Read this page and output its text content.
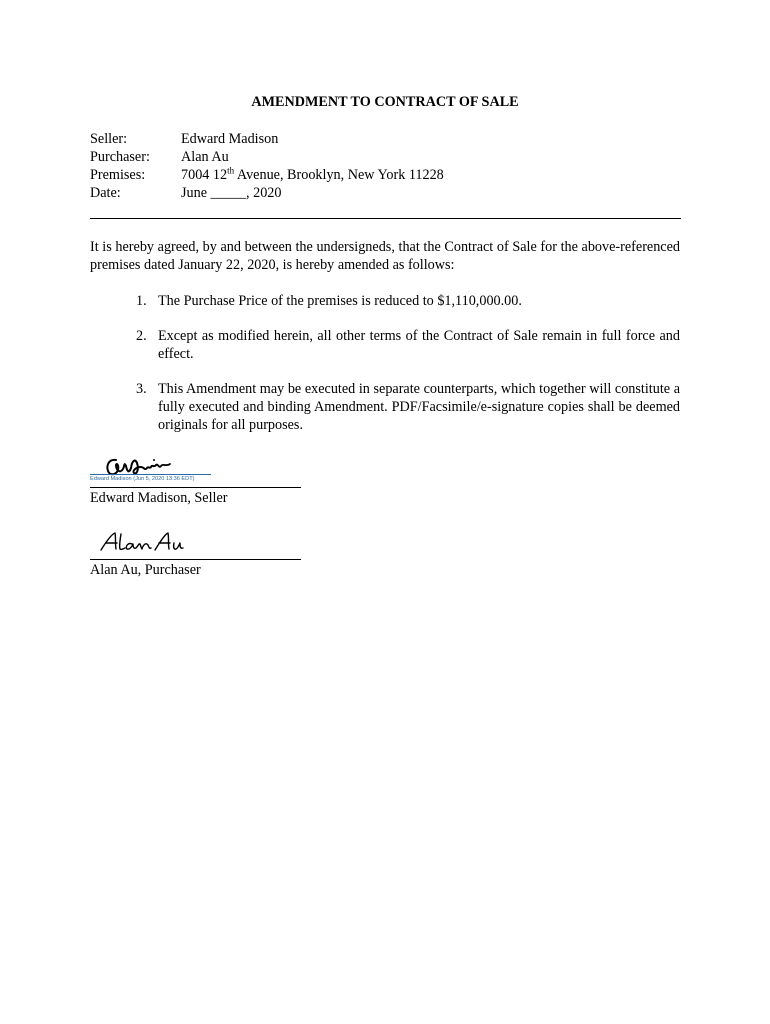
AMENDMENT TO CONTRACT OF SALE
Seller:	Edward Madison
Purchaser:	Alan Au
Premises:	7004 12th Avenue, Brooklyn, New York 11228
Date:	June _____, 2020
It is hereby agreed, by and between the undersigneds, that the Contract of Sale for the above-referenced premises dated January 22, 2020, is hereby amended as follows:
1. The Purchase Price of the premises is reduced to $1,110,000.00.
2. Except as modified herein, all other terms of the Contract of Sale remain in full force and effect.
3. This Amendment may be executed in separate counterparts, which together will constitute a fully executed and binding Amendment. PDF/Facsimile/e-signature copies shall be deemed originals for all purposes.
Edward Madison (Jun 5, 2020 13:36 EDT)
Edward Madison, Seller
Alan Au, Purchaser
